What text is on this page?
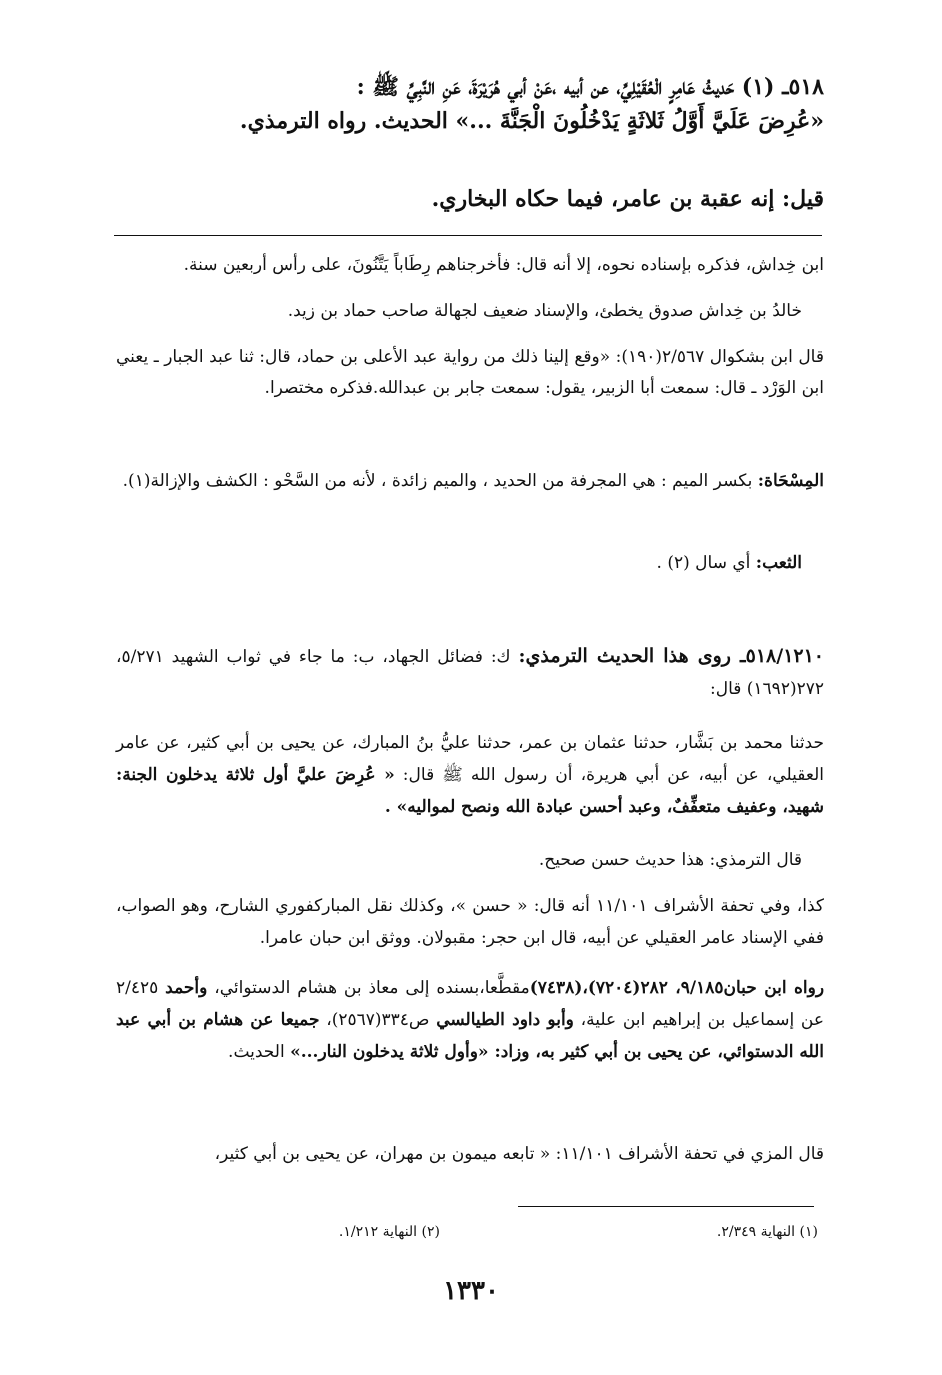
٥١٨ـ (١) حَديثُ عَامِرٍ الْعُقَيْلِيِّ، عن أبيه ،عَنْ أبي هُرَيْرَةَ، عَنِ النَّبِيِّ ﷺ :
«عُرِضَ عَلَيَّ أَوَّلُ ثَلاثَةٍ يَدْخُلُونَ الْجَنَّةَ ...» الحديث. رواه الترمذي.
قيل: إنه عقبة بن عامر، فيما حكاه البخاري.
ابن خِداش، فذكره بإسناده نحوه، إلا أنه قال: فأخرجناهم رِطَاباً يَتَّنُونَ، على رأس أربعين سنة.
خالدُ بن خِداش صدوق يخطئ، والإسناد ضعيف لجهالة صاحب حماد بن زيد.
قال ابن بشكوال ٢/٥٦٧(١٩٠): «وقع إلينا ذلك من رواية عبد الأعلى بن حماد، قال: ثنا عبد الجبار ـ يعني ابن الوَرْد ـ قال: سمعت أبا الزبير، يقول: سمعت جابر بن عبدالله.فذكره مختصرا.
المِسْحَاة: بكسر الميم : هي المجرفة من الحديد ، والميم زائدة ، لأنه من السَّحْو : الكشف والإزالة(١).
الثعب: أي سال (٢) .
٥١٨/١٢١٠ـ روى هذا الحديث الترمذي: ك: فضائل الجهاد، ب: ما جاء في ثواب الشهيد ٥/٢٧١، ٢٧٢(١٦٩٢) قال:
حدثنا محمد بن بَشَّار، حدثنا عثمان بن عمر، حدثنا عليُّ بنُ المبارك، عن يحيى بن أبي كثير، عن عامر العقيلي، عن أبيه، عن أبي هريرة، أن رسول الله ﷺ قال: « عُرِضَ عليَّ أول ثلاثة يدخلون الجنة: شهيد، وعفيف متعفِّفٌ، وعبد أحسن عبادة الله ونصح لمواليه» .
قال الترمذي: هذا حديث حسن صحيح.
كذا، وفي تحفة الأشراف ١١/١٠١ أنه قال: « حسن »، وكذلك نقل المباركفوري الشارح، وهو الصواب، ففي الإسناد عامر العقيلي عن أبيه، قال ابن حجر: مقبولان. ووثق ابن حبان عامرا.
رواه ابن حبان٩/١٨٥، ٢٨٢(٧٢٠٤)،(٧٤٣٨)مقطَّعا،بسنده إلى معاذ بن هشام الدستوائي، وأحمد ٢/٤٢٥ عن إسماعيل بن إبراهيم ابن علية، وأبو داود الطيالسي ص٣٣٤(٢٥٦٧)، جميعا عن هشام بن أبي عبد الله الدستوائي، عن يحيى بن أبي كثير به، وزاد: «وأول ثلاثة يدخلون النار...» الحديث.
قال المزي في تحفة الأشراف ١١/١٠١: « تابعه ميمون بن مهران، عن يحيى بن أبي كثير،
(١) النهاية ٢/٣٤٩.
(٢) النهاية ١/٢١٢.
١٣٣٠
